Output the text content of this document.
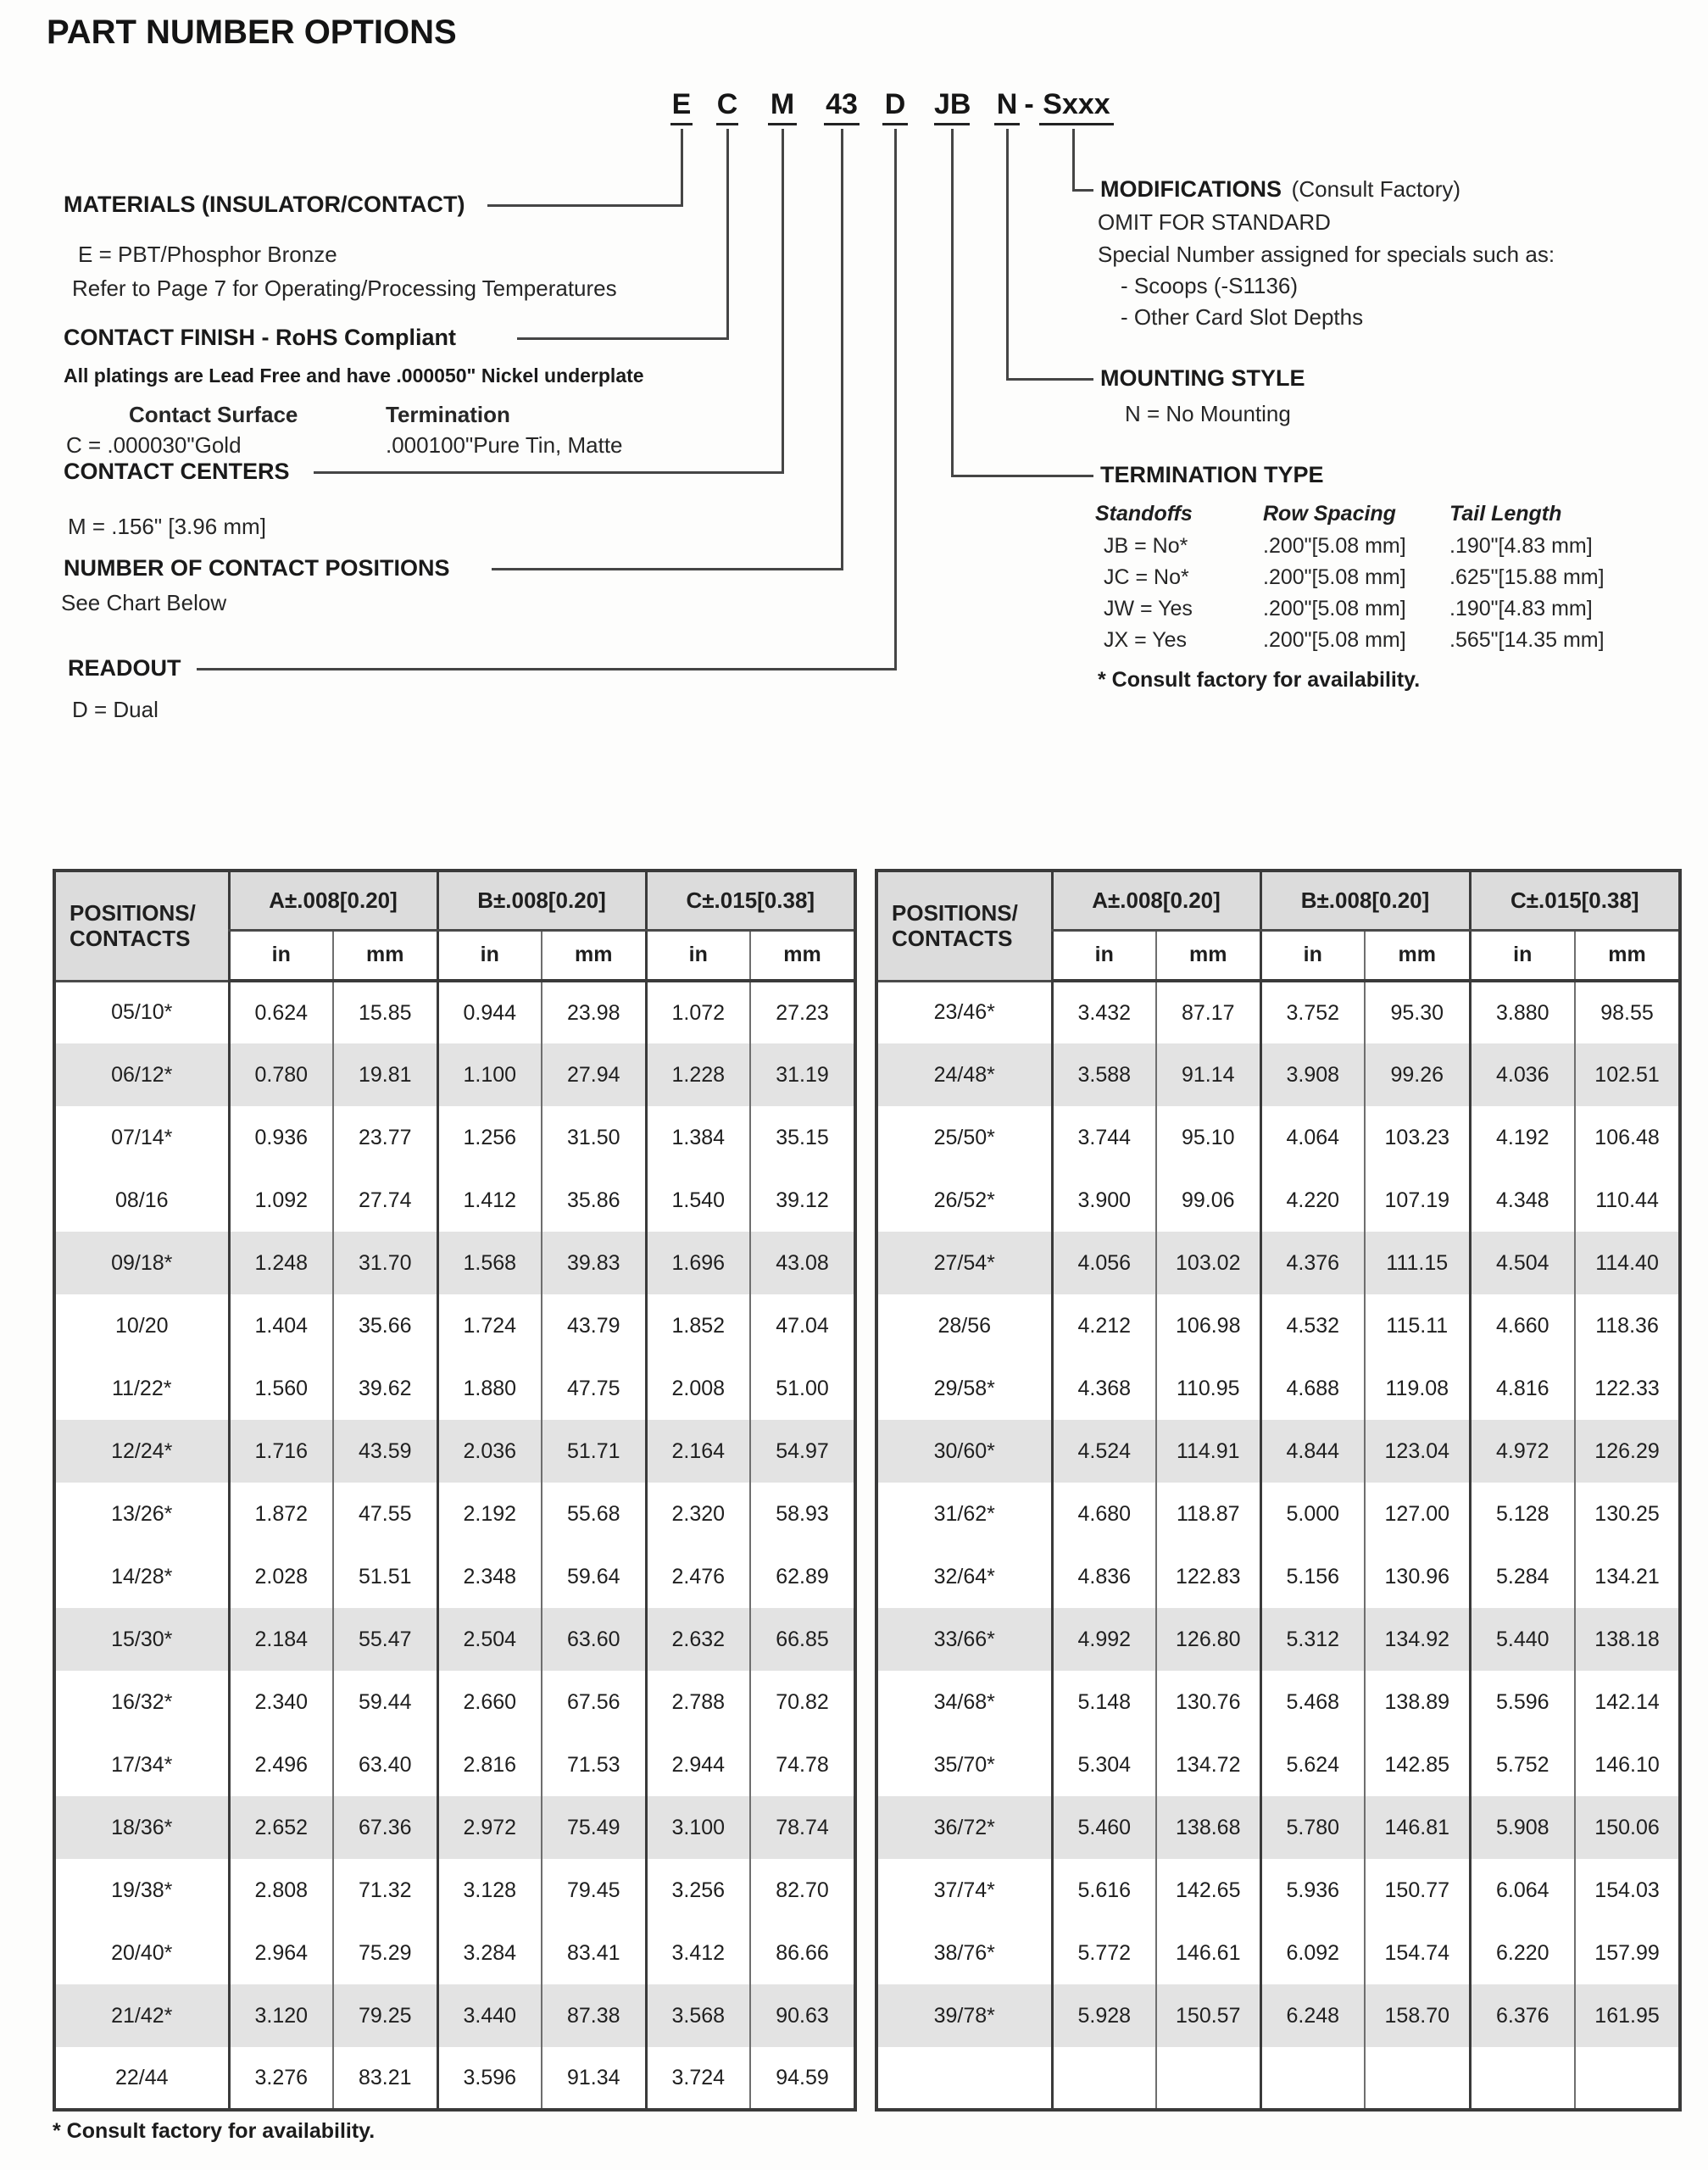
PART NUMBER OPTIONS
E C M 43 D JB N - Sxxx
MATERIALS (INSULATOR/CONTACT)
E = PBT/Phosphor Bronze
Refer to Page 7 for Operating/Processing Temperatures
CONTACT FINISH - RoHS Compliant
All platings are Lead Free and have .000050" Nickel underplate
Contact Surface	Termination
C = .000030"Gold	.000100"Pure Tin, Matte
CONTACT CENTERS
M = .156" [3.96 mm]
NUMBER OF CONTACT POSITIONS
See Chart Below
READOUT
D = Dual
MODIFICATIONS (Consult Factory)
OMIT FOR STANDARD
Special Number assigned for specials such as:
- Scoops (-S1136)
- Other Card Slot Depths
MOUNTING STYLE
N = No Mounting
TERMINATION TYPE
Standoffs	Row Spacing	Tail Length
JB = No*	.200"[5.08 mm] .190"[4.83 mm]
JC = No*	.200"[5.08 mm] .625"[15.88 mm]
JW = Yes	.200"[5.08 mm] .190"[4.83 mm]
JX = Yes	.200"[5.08 mm] .565"[14.35 mm]
* Consult factory for availability.
POSITIONS/
CONTACTS	A±.008[0.20]		B±.008[0.20]		C±.015[0.38]	
	in	mm	in	mm	in	mm
05/10*	0.624	15.85	0.944	23.98	1.072	27.23
06/12*	0.780	19.81	1.100	27.94	1.228	31.19
07/14*	0.936	23.77	1.256	31.50	1.384	35.15
08/16	1.092	27.74	1.412	35.86	1.540	39.12
09/18*	1.248	31.70	1.568	39.83	1.696	43.08
10/20	1.404	35.66	1.724	43.79	1.852	47.04
11/22*	1.560	39.62	1.880	47.75	2.008	51.00
12/24*	1.716	43.59	2.036	51.71	2.164	54.97
13/26*	1.872	47.55	2.192	55.68	2.320	58.93
14/28*	2.028	51.51	2.348	59.64	2.476	62.89
15/30*	2.184	55.47	2.504	63.60	2.632	66.85
16/32*	2.340	59.44	2.660	67.56	2.788	70.82
17/34*	2.496	63.40	2.816	71.53	2.944	74.78
18/36*	2.652	67.36	2.972	75.49	3.100	78.74
19/38*	2.808	71.32	3.128	79.45	3.256	82.70
20/40*	2.964	75.29	3.284	83.41	3.412	86.66
21/42*	3.120	79.25	3.440	87.38	3.568	90.63
22/44	3.276	83.21	3.596	91.34	3.724	94.59
POSITIONS/
CONTACTS	A±.008[0.20]		B±.008[0.20]		C±.015[0.38]	
	in	mm	in	mm	in	mm
23/46*	3.432	87.17	3.752	95.30	3.880	98.55
24/48*	3.588	91.14	3.908	99.26	4.036	102.51
25/50*	3.744	95.10	4.064	103.23	4.192	106.48
26/52*	3.900	99.06	4.220	107.19	4.348	110.44
27/54*	4.056	103.02	4.376	111.15	4.504	114.40
28/56	4.212	106.98	4.532	115.11	4.660	118.36
29/58*	4.368	110.95	4.688	119.08	4.816	122.33
30/60*	4.524	114.91	4.844	123.04	4.972	126.29
31/62*	4.680	118.87	5.000	127.00	5.128	130.25
32/64*	4.836	122.83	5.156	130.96	5.284	134.21
33/66*	4.992	126.80	5.312	134.92	5.440	138.18
34/68*	5.148	130.76	5.468	138.89	5.596	142.14
35/70*	5.304	134.72	5.624	142.85	5.752	146.10
36/72*	5.460	138.68	5.780	146.81	5.908	150.06
37/74*	5.616	142.65	5.936	150.77	6.064	154.03
38/76*	5.772	146.61	6.092	154.74	6.220	157.99
39/78*	5.928	150.57	6.248	158.70	6.376	161.95

* Consult factory for availability.
